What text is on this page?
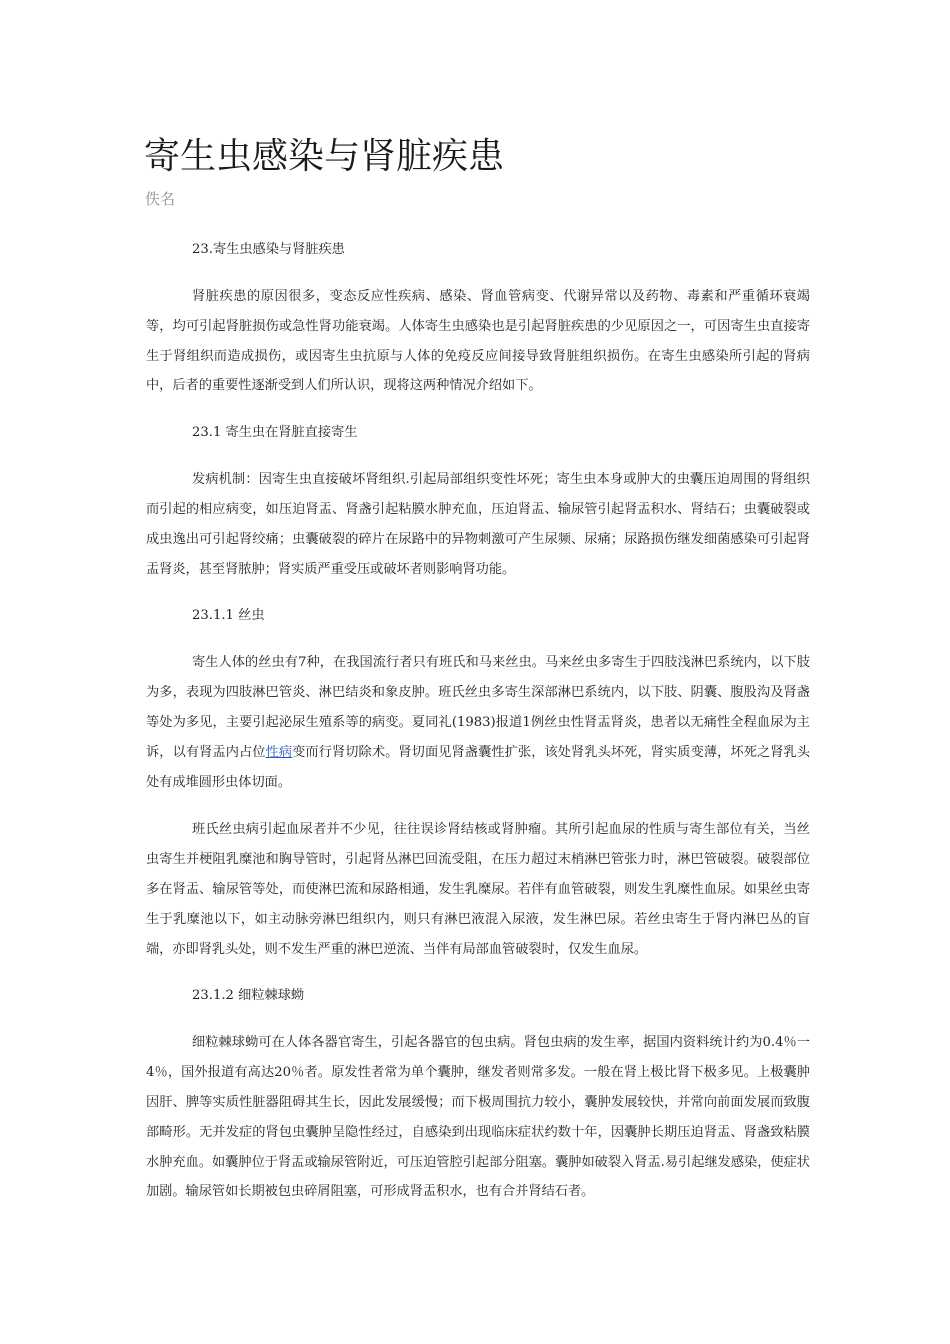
寄生虫感染与肾脏疾患
佚名

23.寄生虫感染与肾脏疾患

肾脏疾患的原因很多，变态反应性疾病、感染、肾血管病变、代谢异常以及药物、毒素和严重循环衰竭等，均可引起肾脏损伤或急性肾功能衰竭。人体寄生虫感染也是引起肾脏疾患的少见原因之一，可因寄生虫直接寄生于肾组织而造成损伤，或因寄生虫抗原与人体的免疫反应间接导致肾脏组织损伤。在寄生虫感染所引起的肾病中，后者的重要性逐渐受到人们所认识，现将这两种情况介绍如下。

23.1 寄生虫在肾脏直接寄生

发病机制：因寄生虫直接破坏肾组织.引起局部组织变性坏死；寄生虫本身或肿大的虫囊压迫周围的肾组织而引起的相应病变，如压迫肾盂、肾盏引起粘膜水肿充血，压迫肾盂、输尿管引起肾盂积水、肾结石；虫囊破裂或成虫逸出可引起肾绞痛；虫囊破裂的碎片在尿路中的异物刺激可产生尿频、尿痛；尿路损伤继发细菌感染可引起肾盂肾炎，甚至肾脓肿；肾实质严重受压或破坏者则影响肾功能。

23.1.1 丝虫

寄生人体的丝虫有7种，在我国流行者只有班氏和马来丝虫。马来丝虫多寄生于四肢浅淋巴系统内，以下肢为多，表现为四肢淋巴管炎、淋巴结炎和象皮肿。班氏丝虫多寄生深部淋巴系统内，以下肢、阴囊、腹股沟及肾盏等处为多见，主要引起泌尿生殖系等的病变。夏同礼(1983)报道1例丝虫性肾盂肾炎，患者以无痛性全程血尿为主诉，以有肾盂内占位性病变而行肾切除术。肾切面见肾盏囊性扩张，该处肾乳头坏死，肾实质变薄，坏死之肾乳头处有成堆圆形虫体切面。

班氏丝虫病引起血尿者并不少见，往往误诊肾结核或肾肿瘤。其所引起血尿的性质与寄生部位有关，当丝虫寄生并梗阻乳糜池和胸导管时，引起肾丛淋巴回流受阻，在压力超过末梢淋巴管张力时，淋巴管破裂。破裂部位多在肾盂、输尿管等处，而使淋巴流和尿路相通，发生乳糜尿。若伴有血管破裂，则发生乳糜性血尿。如果丝虫寄生于乳糜池以下，如主动脉旁淋巴组织内，则只有淋巴液混入尿液，发生淋巴尿。若丝虫寄生于肾内淋巴丛的盲端，亦即肾乳头处，则不发生严重的淋巴逆流、当伴有局部血管破裂时，仅发生血尿。

23.1.2 细粒棘球蚴

细粒棘球蚴可在人体各器官寄生，引起各器官的包虫病。肾包虫病的发生率，据国内资料统计约为0.4％一4％，国外报道有高达20％者。原发性者常为单个囊肿，继发者则常多发。一般在肾上极比肾下极多见。上极囊肿因肝、脾等实质性脏器阻碍其生长，因此发展缓慢；而下极周围抗力较小，囊肿发展较快，并常向前面发展而致腹部畸形。无并发症的肾包虫囊肿呈隐性经过，自感染到出现临床症状约数十年，因囊肿长期压迫肾盂、肾盏致粘膜水肿充血。如囊肿位于肾盂或输尿管附近，可压迫管腔引起部分阻塞。囊肿如破裂入肾盂.易引起继发感染，使症状加剧。输尿管如长期被包虫碎屑阻塞，可形成肾盂积水，也有合并肾结石者。
